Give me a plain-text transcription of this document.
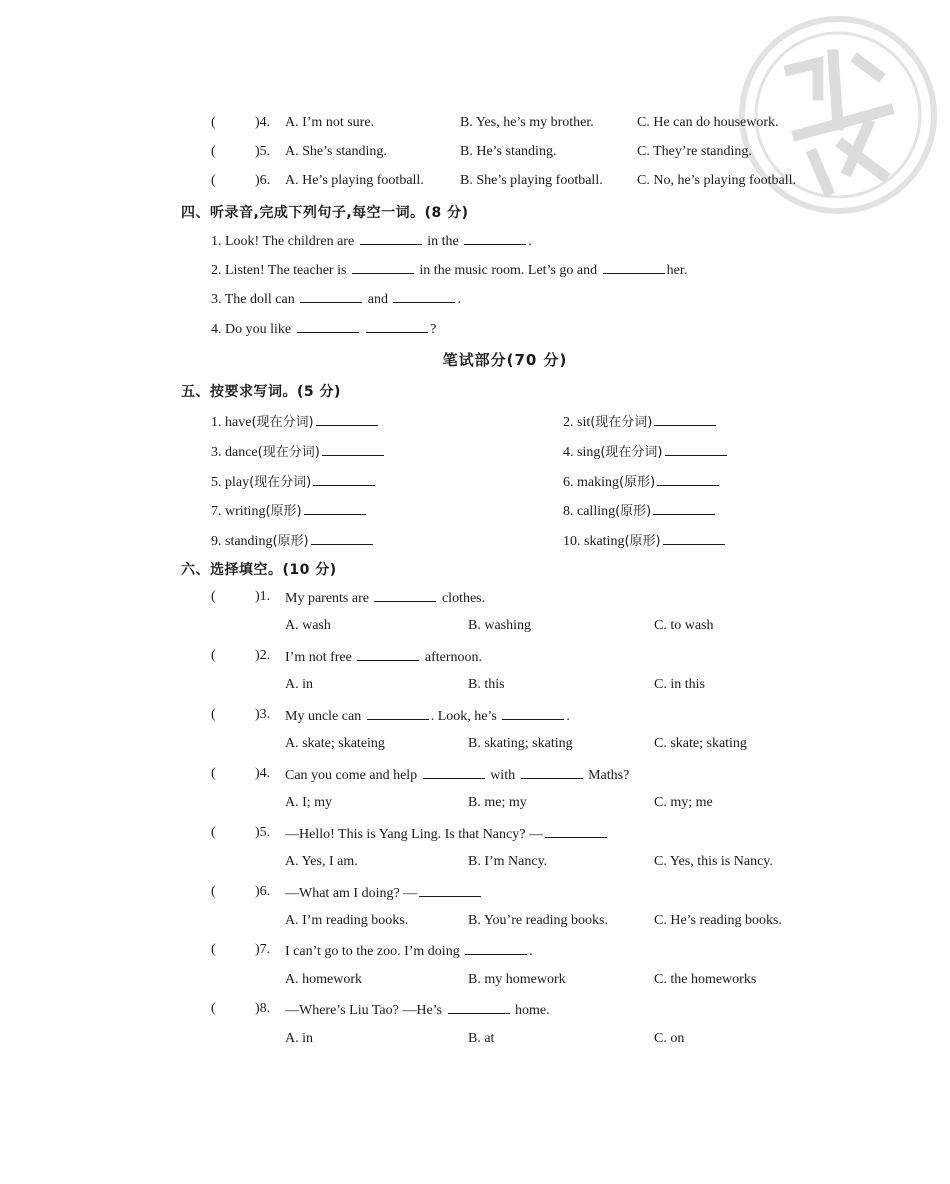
(	)4. A. I’m not sure.	B. Yes, he’s my brother.	C. He can do housework.
(	)5. A. She’s standing.	B. He’s standing.	C. They’re standing.
(	)6. A. He’s playing football.	B. She’s playing football. C. No, he’s playing football.
四、听录音,完成下列句子,每空一词。(8 分)
1. Look! The children are	in the	.
2. Listen! The teacher is	in the music room. Let’s go and	her.
3. The doll can	and	.
4. Do you like	?
笔试部分(70 分)
五、按要求写词。(5 分)
1. have(现在分词)	2. sit(现在分词)
3. dance(现在分词)	4. sing(现在分词)
5. play(现在分词)	6. making(原形)
7. writing(原形)	8. calling(原形)
9. standing(原形)	10. skating(原形)
六、选择填空。(10 分)
(	)1. My parents are	clothes.
A. wash	B. washing	C. to wash
(	)2. I’m not free	afternoon.
A. in	B. this	C. in this
(	)3. My uncle can	. Look, he’s	.
A. skate; skateing	B. skating; skating	C. skate; skating
(	)4. Can you come and help	with	Maths?
A. I; my	B. me; my	C. my; me
(	)5. —Hello! This is Yang Ling. Is that Nancy? —
A. Yes, I am.	B. I’m Nancy.	C. Yes, this is Nancy.
(	)6. —What am I doing? —
A. I’m reading books.	B. You’re reading books.	C. He’s reading books.
(	)7. I can’t go to the zoo. I’m doing	.
A. homework	B. my homework	C. the homeworks
(	)8. —Where’s Liu Tao? —He’s	home.
A. in	B. at	C. on
